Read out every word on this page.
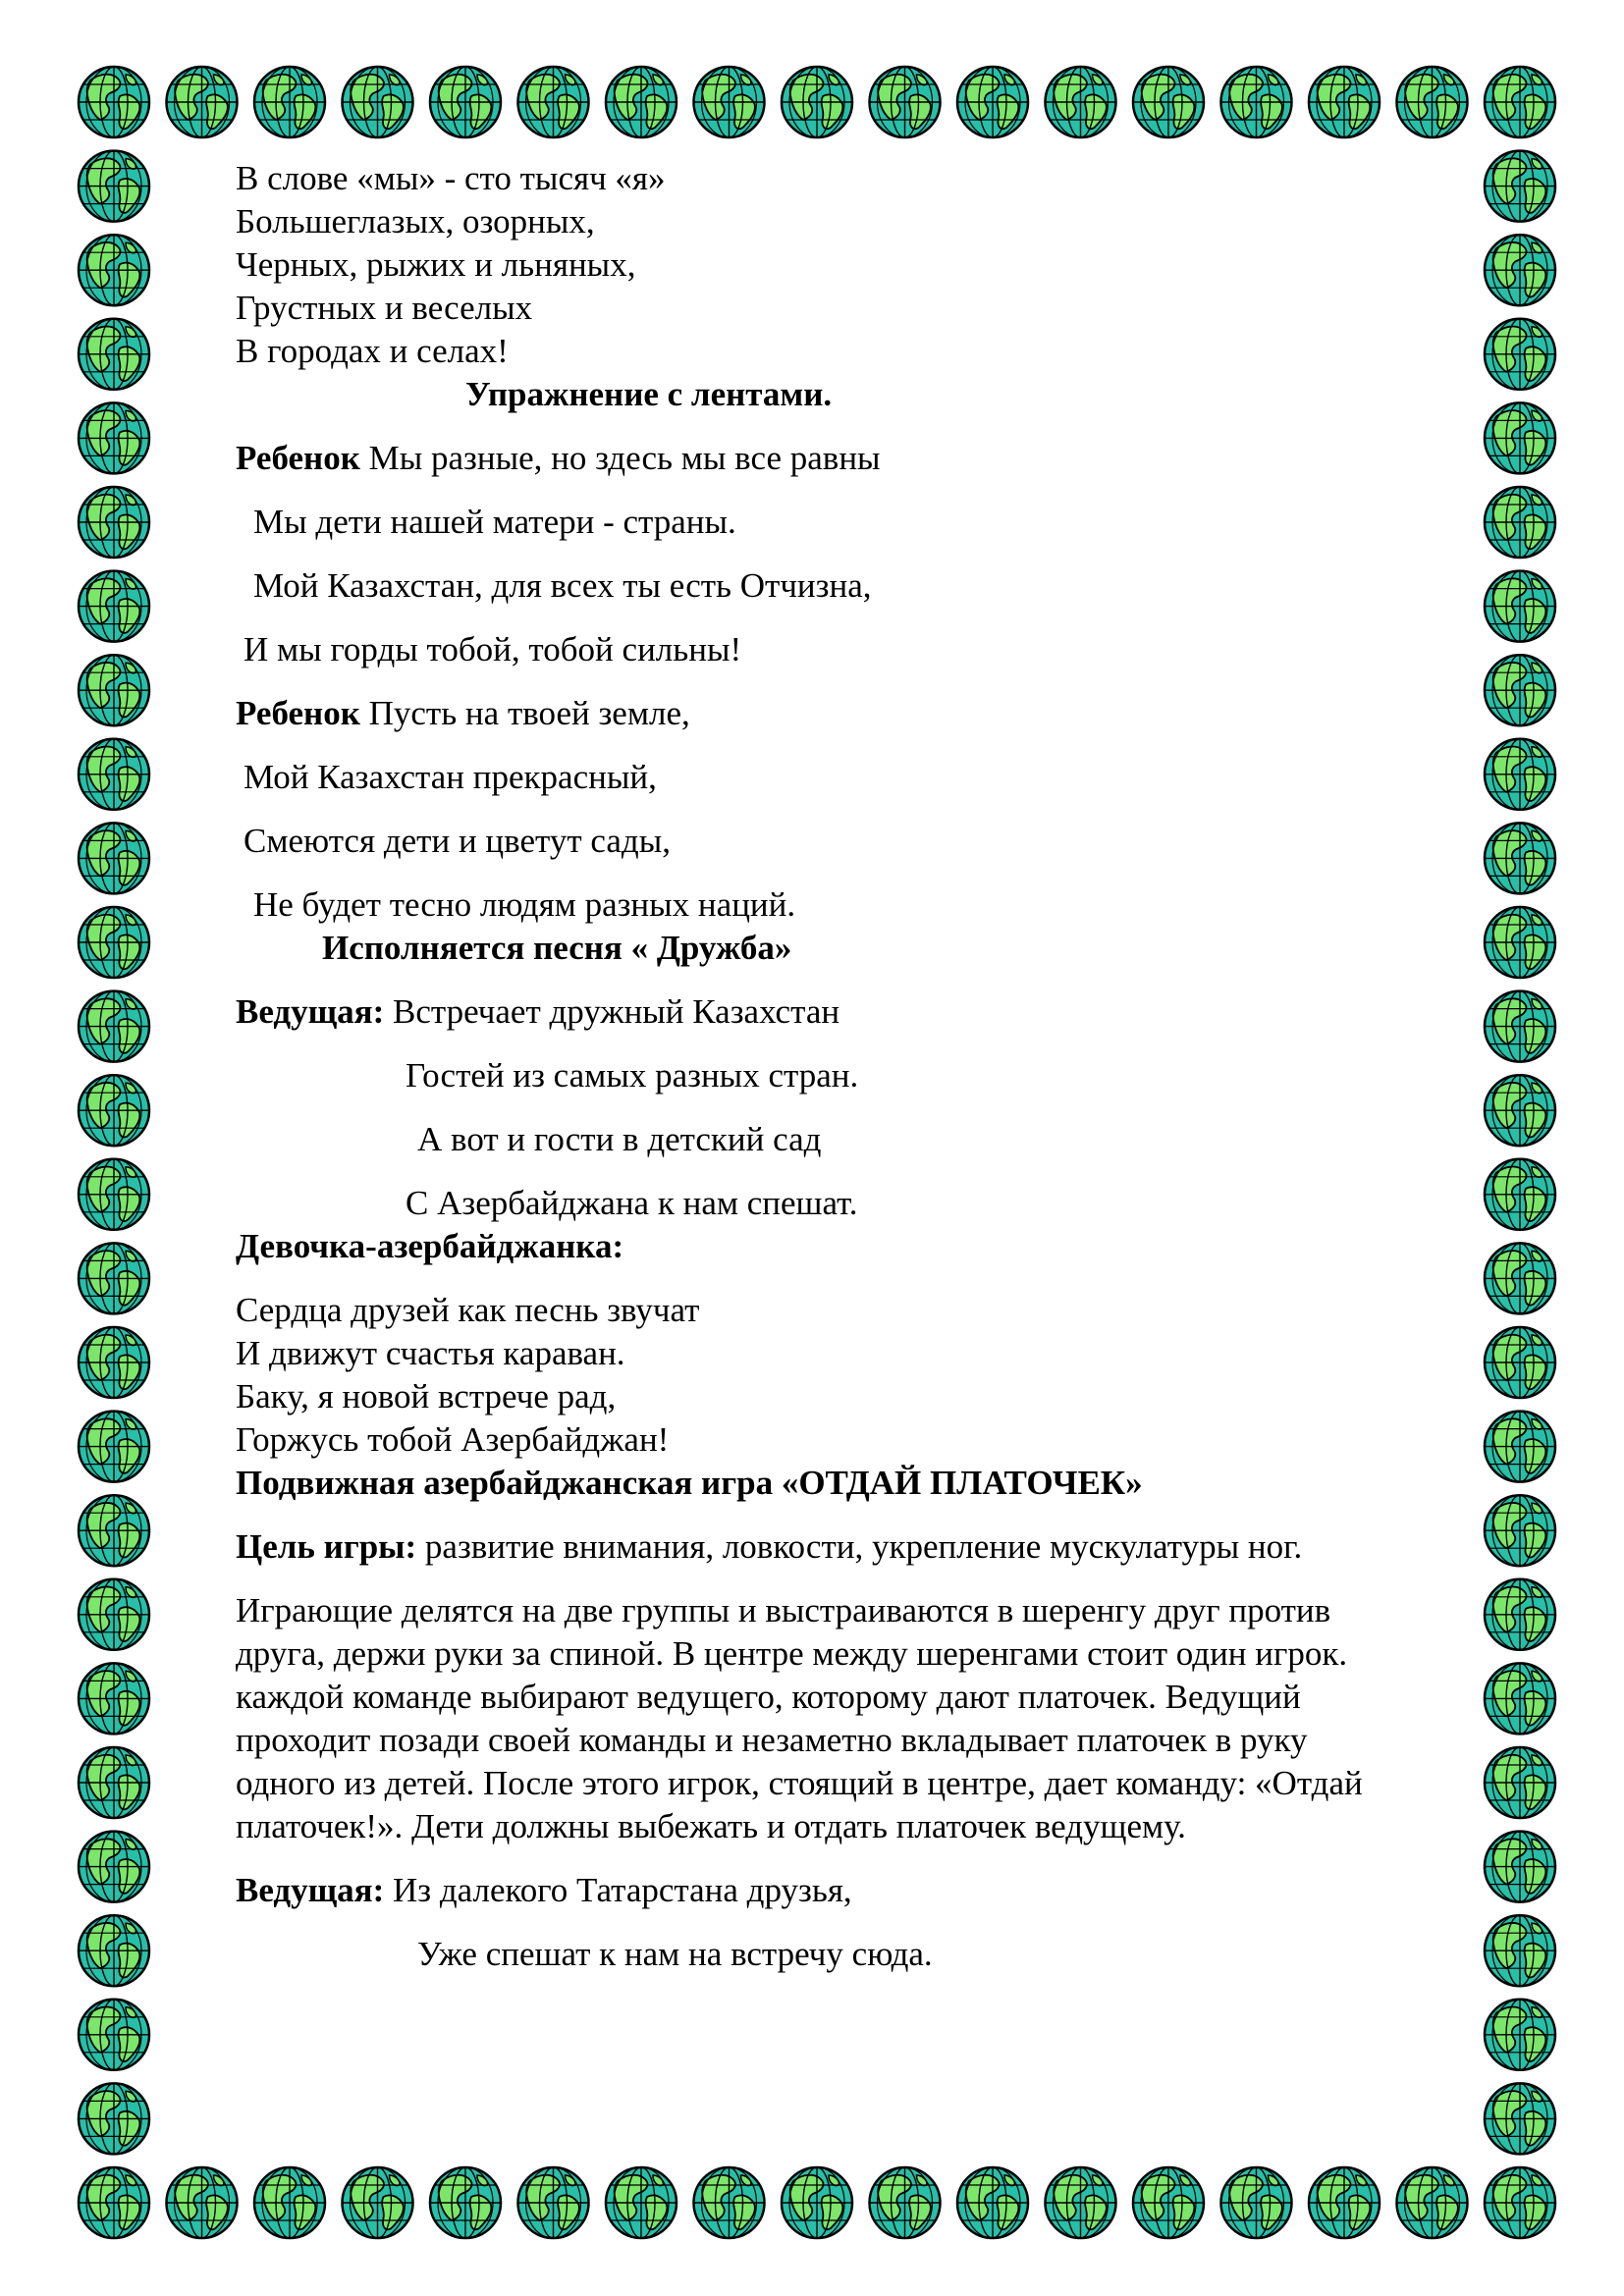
В слове «мы» - сто тысяч «я»

Большеглазых, озорных,

Черных, рыжих и льняных,

Грустных и веселых

В городах и селах!

Упражнение с лентами.

Ребенок Мы разные, но здесь мы все равны

Мы дети нашей матери - страны.

Мой Казахстан, для всех ты есть Отчизна,

И мы горды тобой, тобой сильны!

Ребенок Пусть на твоей земле,

Мой Казахстан прекрасный,

Смеются дети и цветут сады,

Не будет тесно людям разных наций.

Исполняется песня « Дружба»

Ведущая: Встречает дружный Казахстан

Гостей из самых разных стран.

А вот и гости в детский сад

С Азербайджана к нам спешат.

Девочка-азербайджанка:

Сердца друзей как песнь звучат

И движут счастья караван.

Баку, я новой встрече рад,

Горжусь тобой Азербайджан!

Подвижная азербайджанская игра «ОТДАЙ ПЛАТОЧЕК»

Цель игры: развитие внимания, ловкости, укрепление мускулатуры ног.

Играющие делятся на две группы и выстраиваются в шеренгу друг против

друга, держи руки за спиной. В центре между шеренгами стоит один игрок.

каждой команде выбирают ведущего, которому дают платочек. Ведущий

проходит позади своей команды и незаметно вкладывает платочек в руку

одного из детей. После этого игрок, стоящий в центре, дает команду: «Отдай

платочек!». Дети должны выбежать и отдать платочек ведущему.

Ведущая: Из далекого Татарстана друзья,

Уже спешат к нам на встречу сюда.
